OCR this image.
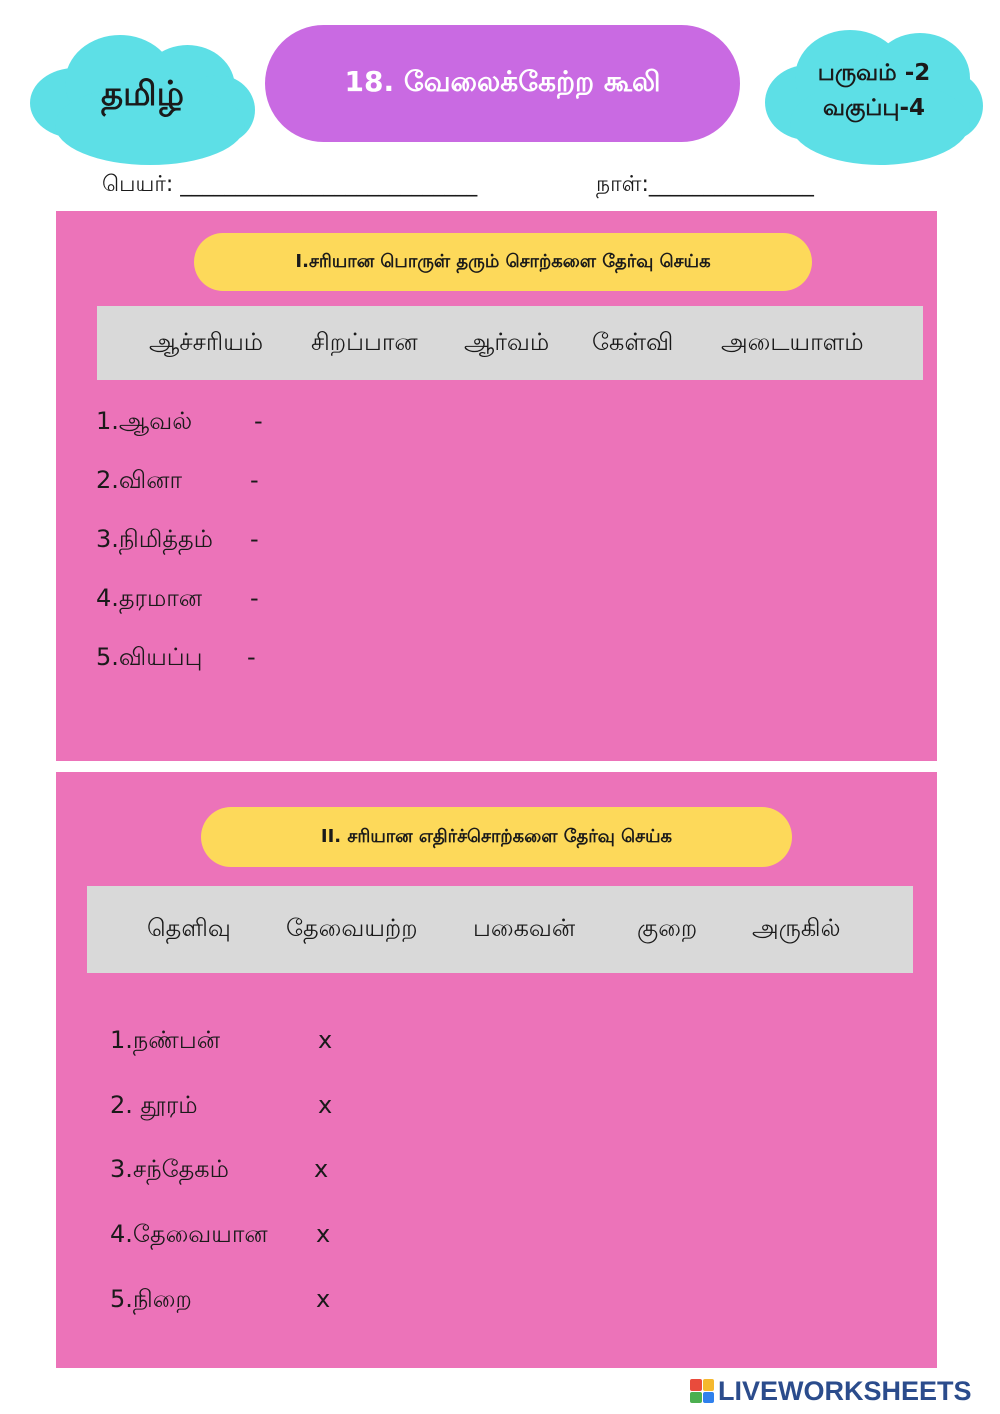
தமிழ்	18. வேலைக்கேற்ற கூலி	பருவம் -2
வகுப்பு-4
பெயர்: ___________________________	நாள்:_______________
I.சரியான பொருள் தரும் சொற்களை தேர்வு செய்க
ஆச்சரியம் சிறப்பான ஆர்வம் கேள்வி அடையாளம்
1.ஆவல்	-
2.வினா	-
3.நிமித்தம் -
4.தரமான -
5.வியப்பு -
II. சரியான எதிர்ச்சொற்களை தேர்வு செய்க
தெளிவு தேவையற்ற பகைவன்	குறை அருகில்
1.நண்பன்	x
2. தூரம்	x
3.சந்தேகம்	x
4.தேவையான x
5.நிறை	x
LIVEWORKSHEETS
